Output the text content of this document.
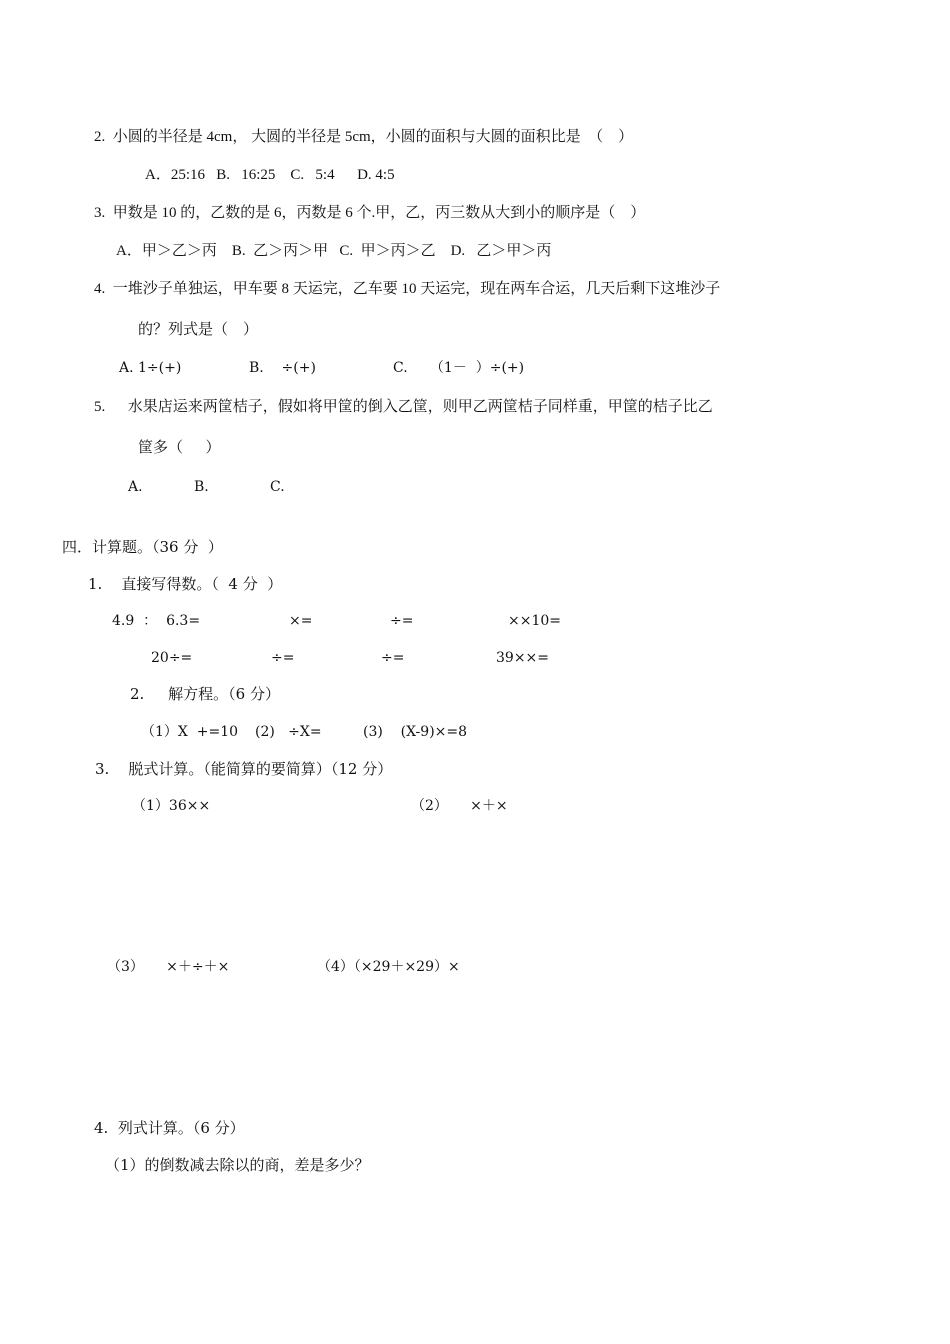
2.  小圆的半径是 4cm， 大圆的半径是 5cm，小圆的面积与大圆的面积比是  （    ）
A．25:16   B.   16:25    C.   5:4      D. 4:5
3.  甲数是 10 的，乙数的是 6，丙数是 6 个.甲，乙，丙三数从大到小的顺序是（    ）
A．甲＞乙＞丙    B.  乙＞丙＞甲   C.  甲＞丙＞乙    D.   乙＞甲＞丙
4.  一堆沙子单独运，甲车要 8 天运完，乙车要 10 天运完，现在两车合运，几天后剩下这堆沙子
的？列式是（    ）
A. 1÷(+)	B.    ÷(+)	C.     （1－  ）÷(+)
5.      水果店运来两筐桔子，假如将甲筐的倒入乙筐，则甲乙两筐桔子同样重，甲筐的桔子比乙
筐多（      ）
A.	B.	C.
四．计算题。（36 分  ）
1.    直接写得数。（  4 分  ）
4.9  ：  6.3=	×=	÷=	××10=
20÷=	÷=	÷=	39××=
2.     解方程。（6 分）
（1）X  +=10 (2)   ÷X=	(3)    (X-9)×=8
3.    脱式计算。（能简算的要简算）（12 分）
（1）36××	（2）     ×＋×
（3）     ×＋÷＋×	（4）（×29＋×29）×
4.  列式计算。（6 分）
（1）的倒数减去除以的商，差是多少？
